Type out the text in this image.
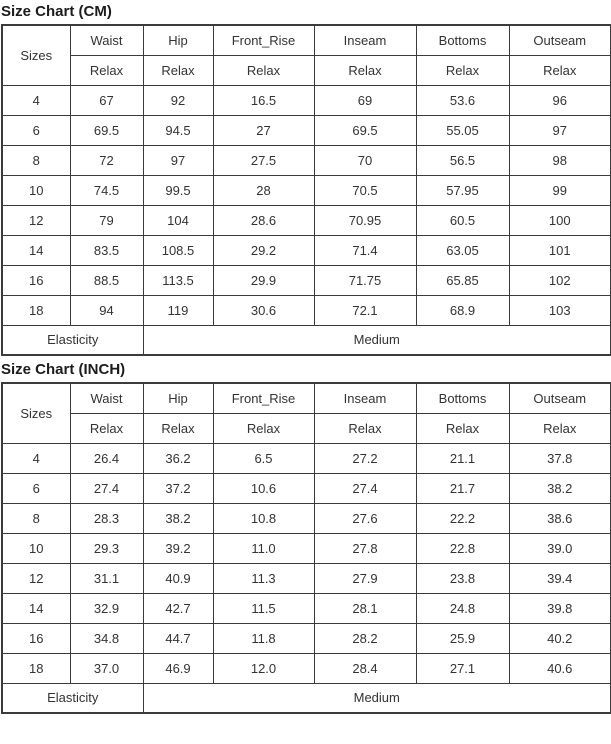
Size Chart (CM)
Sizes	Waist	Hip	Front_Rise	Inseam	Bottoms	Outseam
	Relax	Relax	Relax	Relax	Relax	Relax
4	67	92	16.5	69	53.6	96
6	69.5	94.5	27	69.5	55.05	97
8	72	97	27.5	70	56.5	98
10	74.5	99.5	28	70.5	57.95	99
12	79	104	28.6	70.95	60.5	100
14	83.5	108.5	29.2	71.4	63.05	101
16	88.5	113.5	29.9	71.75	65.85	102
18	94	119	30.6	72.1	68.9	103
Elasticity		Medium				
Size Chart (INCH)
Sizes	Waist	Hip	Front_Rise	Inseam	Bottoms	Outseam
	Relax	Relax	Relax	Relax	Relax	Relax
4	26.4	36.2	6.5	27.2	21.1	37.8
6	27.4	37.2	10.6	27.4	21.7	38.2
8	28.3	38.2	10.8	27.6	22.2	38.6
10	29.3	39.2	11.0	27.8	22.8	39.0
12	31.1	40.9	11.3	27.9	23.8	39.4
14	32.9	42.7	11.5	28.1	24.8	39.8
16	34.8	44.7	11.8	28.2	25.9	40.2
18	37.0	46.9	12.0	28.4	27.1	40.6
Elasticity		Medium				
